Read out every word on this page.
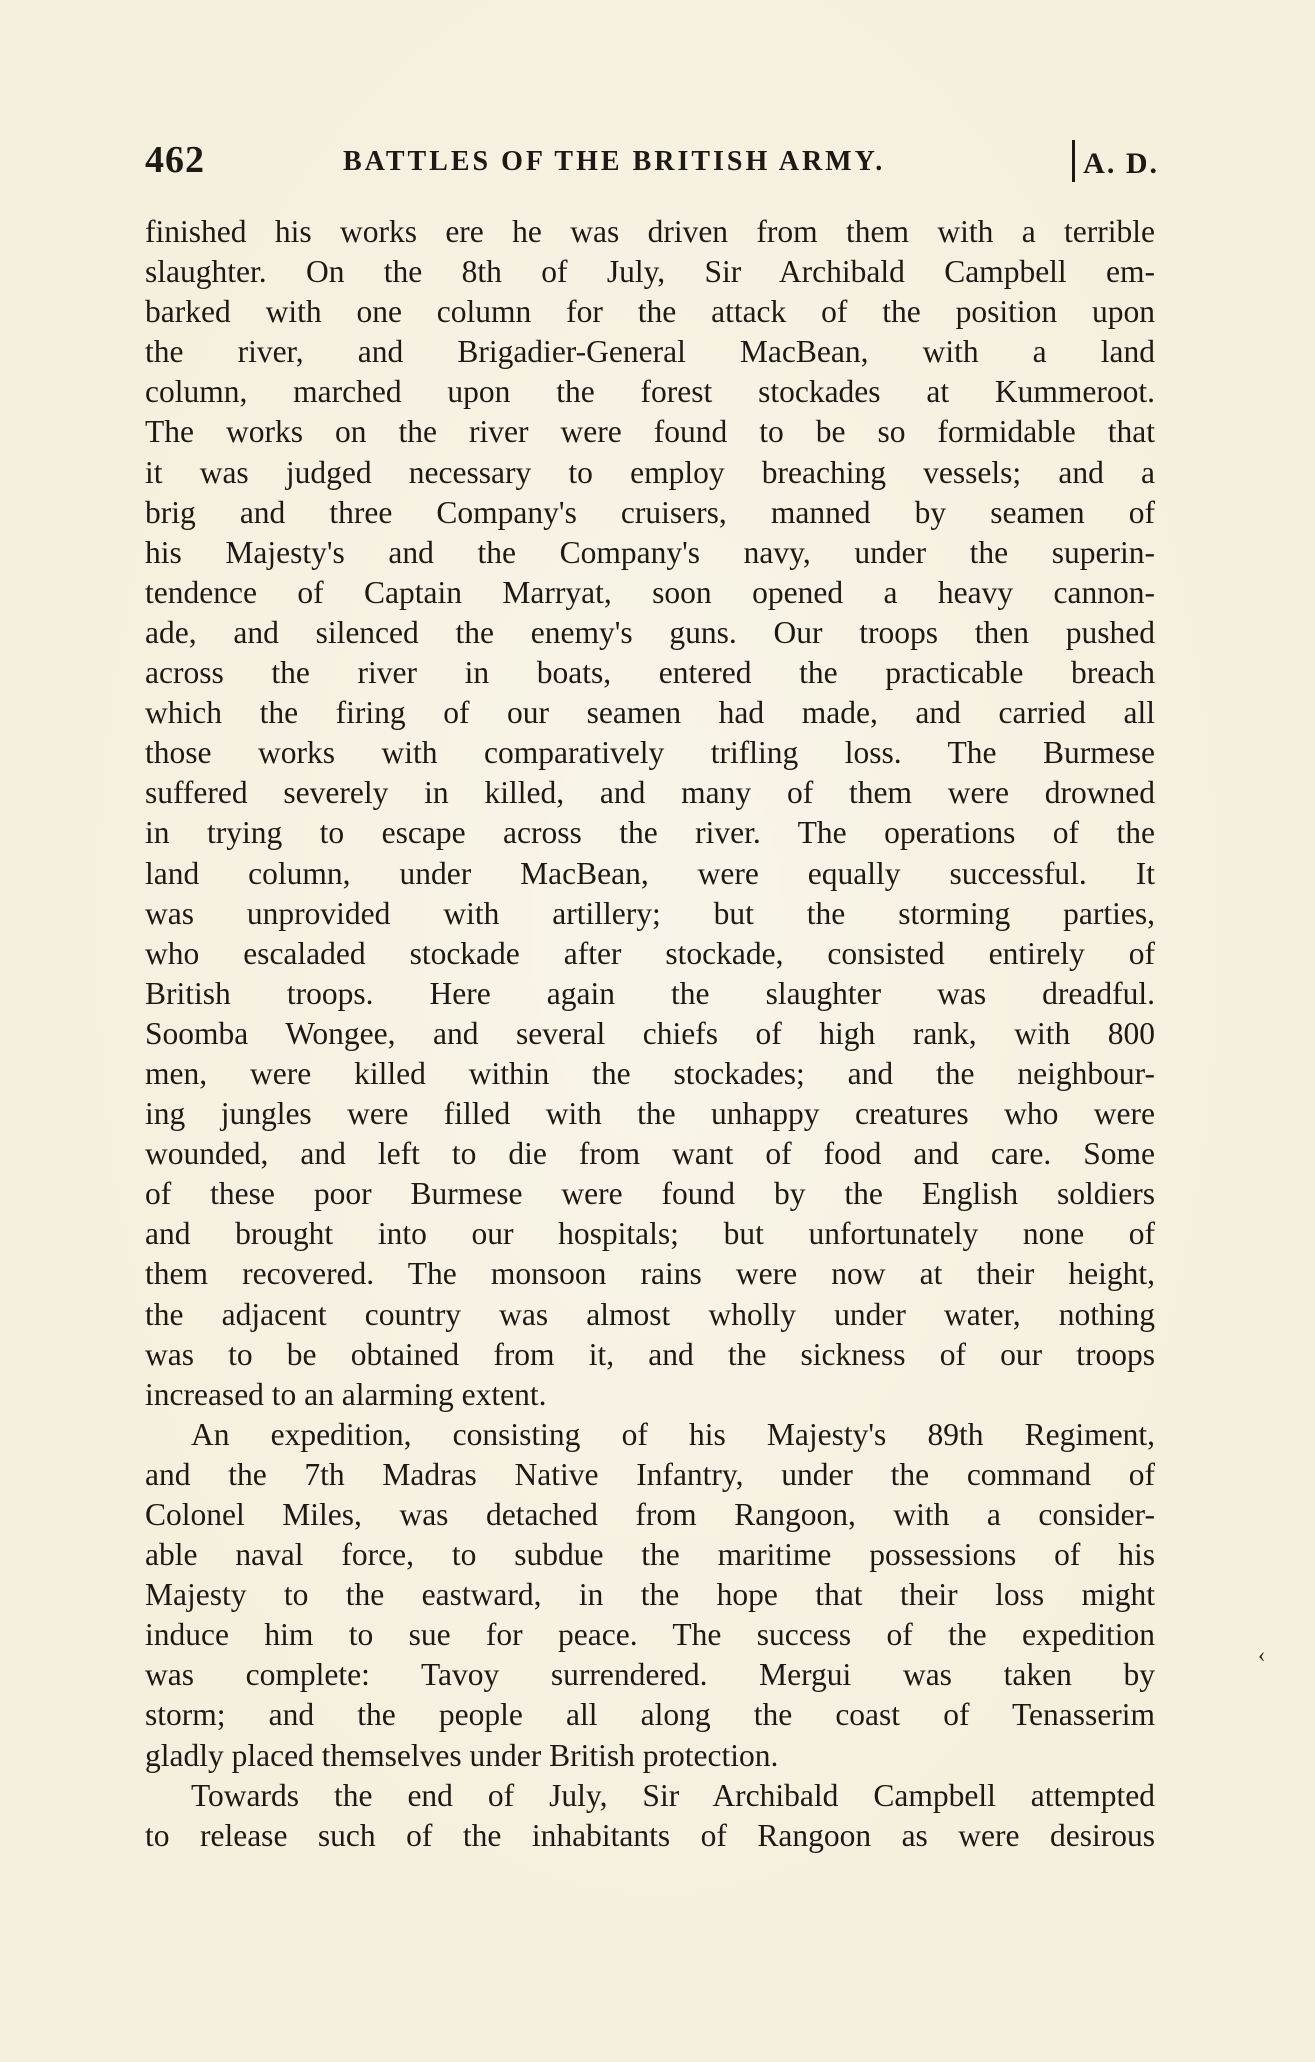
462	BATTLES OF THE BRITISH ARMY.	A. D.
finished his works ere he was driven from them with a terrible
slaughter. On the 8th of July, Sir Archibald Campbell em-
barked with one column for the attack of the position upon
the river, and Brigadier-General MacBean, with a land
column, marched upon the forest stockades at Kummeroot.
The works on the river were found to be so formidable that
it was judged necessary to employ breaching vessels; and a
brig and three Company's cruisers, manned by seamen of
his Majesty's and the Company's navy, under the superin-
tendence of Captain Marryat, soon opened a heavy cannon-
ade, and silenced the enemy's guns. Our troops then pushed
across the river in boats, entered the practicable breach
which the firing of our seamen had made, and carried all
those works with comparatively trifling loss. The Burmese
suffered severely in killed, and many of them were drowned
in trying to escape across the river. The operations of the
land column, under MacBean, were equally successful. It
was unprovided with artillery; but the storming parties,
who escaladed stockade after stockade, consisted entirely of
British troops. Here again the slaughter was dreadful.
Soomba Wongee, and several chiefs of high rank, with 800
men, were killed within the stockades; and the neighbour-
ing jungles were filled with the unhappy creatures who were
wounded, and left to die from want of food and care. Some
of these poor Burmese were found by the English soldiers
and brought into our hospitals; but unfortunately none of
them recovered. The monsoon rains were now at their height,
the adjacent country was almost wholly under water, nothing
was to be obtained from it, and the sickness of our troops
increased to an alarming extent.
An expedition, consisting of his Majesty's 89th Regiment,
and the 7th Madras Native Infantry, under the command of
Colonel Miles, was detached from Rangoon, with a consider-
able naval force, to subdue the maritime possessions of his
Majesty to the eastward, in the hope that their loss might
induce him to sue for peace. The success of the expedition
was complete: Tavoy surrendered. Mergui was taken by
storm; and the people all along the coast of Tenasserim
gladly placed themselves under British protection.
Towards the end of July, Sir Archibald Campbell attempted
to release such of the inhabitants of Rangoon as were desirous
‹
